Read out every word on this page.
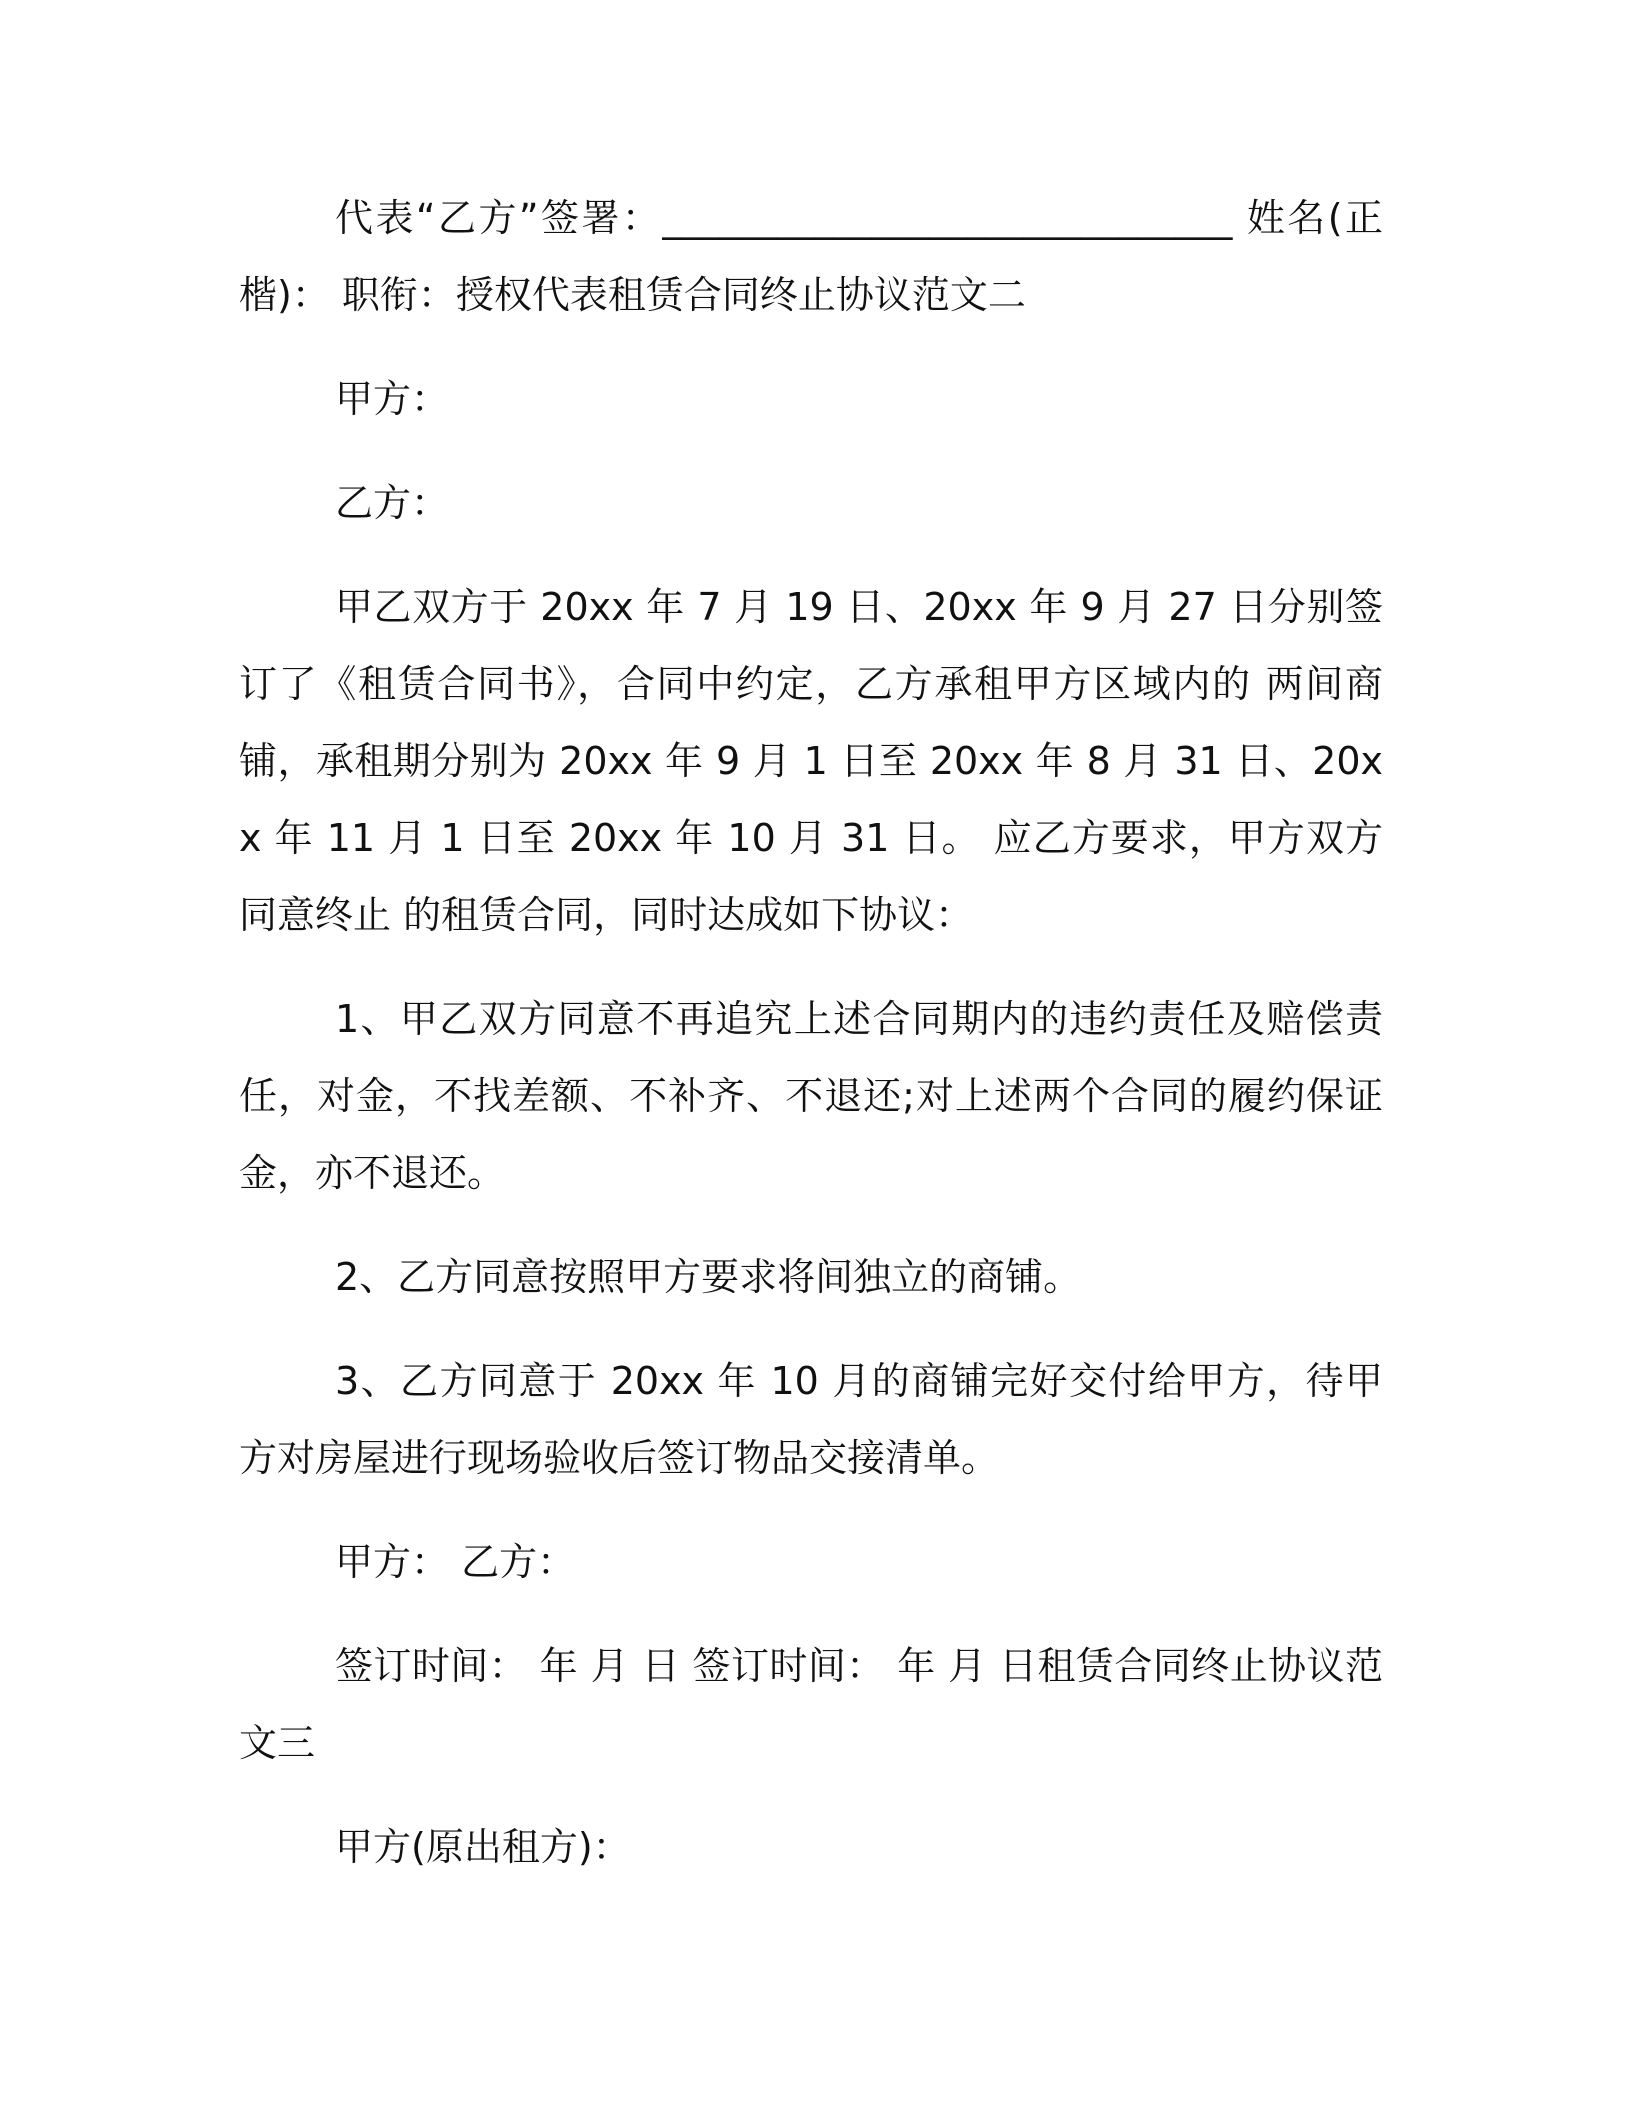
代表“乙方”签署：______________________________ 姓名(正楷)： 职衔：授权代表租赁合同终止协议范文二

甲方：

乙方：

甲乙双方于 20xx 年 7 月 19 日、20xx 年 9 月 27 日分别签订了《租赁合同书》，合同中约定，乙方承租甲方区域内的 两间商铺，承租期分别为 20xx 年 9 月 1 日至 20xx 年 8 月 31 日、20xx 年 11 月 1 日至 20xx 年 10 月 31 日。 应乙方要求，甲方双方同意终止 的租赁合同，同时达成如下协议：

1、甲乙双方同意不再追究上述合同期内的违约责任及赔偿责任，对金，不找差额、不补齐、不退还;对上述两个合同的履约保证金，亦不退还。

2、乙方同意按照甲方要求将间独立的商铺。

3、乙方同意于 20xx 年 10 月的商铺完好交付给甲方，待甲方对房屋进行现场验收后签订物品交接清单。

甲方： 乙方：

签订时间： 年 月 日 签订时间： 年 月 日租赁合同终止协议范文三

甲方(原出租方)：
